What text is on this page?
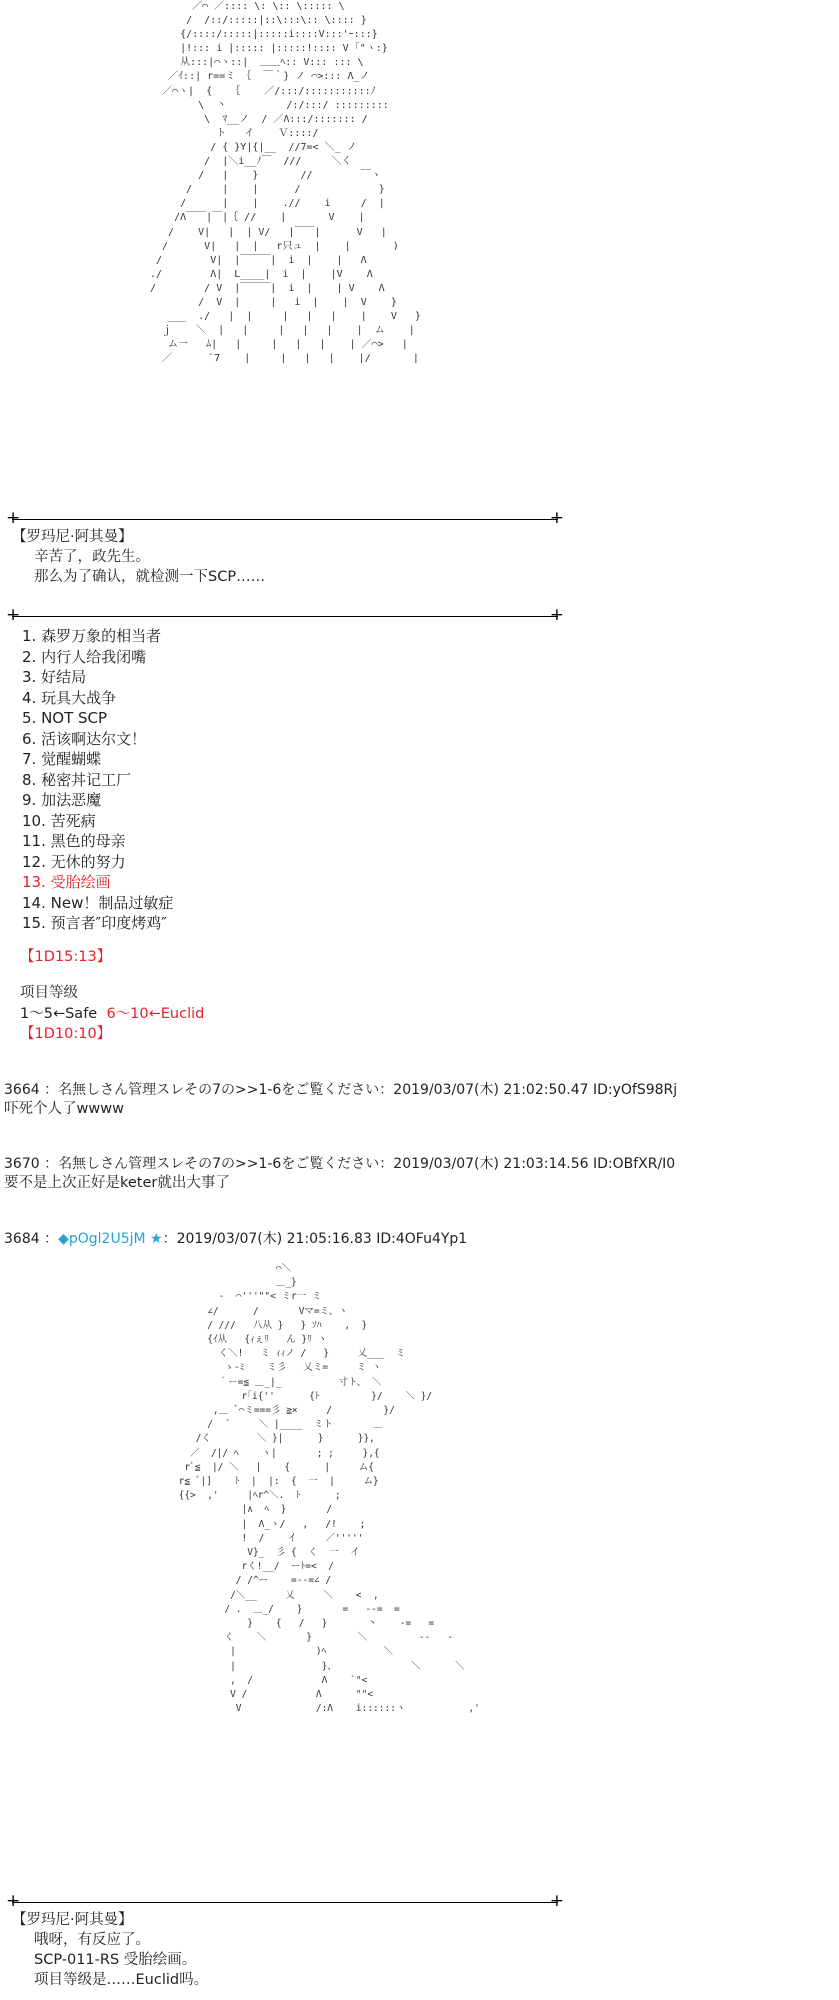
／⌒ ／:::: \: \:: \::::: \
/  /::/:::::|::\:::\:: \:::: }
{/::::/:::::|:::::i::::V:::'ｰ:::}
|!::: i |::::: |:::::!:::: V ｢"ヽ:}
从:::|⌒ヽ::|  ＿＿ﾍ:: V::: ::: \
／ｲ::| r==ミ ｛  ￣｀} ノ ⌒>::: Λ_ノ
／⌒ヽ|  {   ｛    ／/:::/:::::::::::ﾉ
\  丶          /:/:::/ :::::::::
\  ﾏ__ノ  / ／Λ:::/::::::: /
ト   イ    Ｖ::::/
/ { }Y|{|__  //7=< ＼_ ノ
/  |＼i__ﾉ￣  ///     ＼く
/   |    }       //        ￣ヽ
/     |    |      /             }
/      |    |    .//    i     /  |
/Λ￣￣|￣|｛ //    |       V    |
/    V|   |  | V/   |￣￣|      V   |
/      V|   |  |   r只ュ  |    |       )
/        V|  |￣￣￣|  i  |    |   Λ
./        Λ|  L____|  i  |    |V    Λ
/        / V  |￣￣￣|  i  |    | V    Λ
/  V  |     |   i  |    |  V    }
___  ./   |  |     |   |   |    |    V   }
ｊ    ＼  |   |     |   |   |    |  ム    |
ム一   ﾑ|   |     |   |   |    | ／⌒>   |
／      `7    |     |   |   |    |/       |
+	+
【罗玛尼·阿其曼】
辛苦了，政先生。
那么为了确认，就检测一下SCP……
+	+
1. 森罗万象的相当者
2. 内行人给我闭嘴
3. 好结局
4. 玩具大战争
5. NOT SCP
6. 活该啊达尔文！
7. 觉醒蝴蝶
8. 秘密丼记工厂
9. 加法恶魔
10. 苦死病
11. 黑色的母亲
12. 无休的努力
13. 受胎绘画
14. New！制品过敏症
15. 预言者″印度烤鸡″
【1D15:13】
项目等级
1〜5←Safe 6〜10←Euclid
【1D10:10】
3664 ：名無しさん管理スレその7の>>1-6をご覧ください：2019/03/07(木) 21:02:50.47 ID:yOfS98Rj
吓死个人了wwww
3670 ：名無しさん管理スレその7の>>1-6をご覧ください：2019/03/07(木) 21:03:14.56 ID:OBfXR/I0
要不是上次正好是keter就出大事了
3684 ：◆pOgl2U5jM ★：2019/03/07(木) 21:05:16.83 ID:4OFu4Yp1
⌒＼
＿_}
-  ⌒'''""< ミr一 ミ
∠/      /       Vマ=ミ、ヽ
/ ///   八从 }   } ｿﾊ    ,  }
{ｲ从   {ｨぇﾘ   ん }ﾘ ヽ
く＼!   ミ ｨｨノ /   }     乂___  ミ
ゝ-ﾐ    ミ彡   乂ミ=     ミ ヽ
｀ー=≦ ＿_|_          寸ト、 ＼
r｢i{''      {ﾄ         }/    ＼ }/
,＿ ﾞ⌒ミ===彡 ≧×     /         }/
/  ´     ＼ |____  ミト       ＿
/く        ＼ }|      }      }},
／  /|/ ﾍ    ヽ|       ; ;     },{
rﾞ≦  |/ ＼   |    {      |     ム{
r≦ ﾞ|]    ﾄ  |  |:  {  一  |     ム}
{{>  ,'     |ﾍr^＼.  ﾄ      ;
|∧  ﾍ  }       /
|  Λ_ヽ/   ,   /!    ;
!  /    イ     ／'''''
V}_  彡 {  く  一  イ
rく!__/  ーﾄ=<  /
/ /^ー    =--=∠ /
/＼__     乂     ＼    <  ,
/ .  ＿_/    }       =   --=  =
}    {   /   }       丶    -=   =
く    ＼       }        ＼         --   -
|              )ﾍ          ＼
|               }、             ＼      ＼
,  /            Λ    `"<
V /            Λ      ""<
V             /:Λ    i::::::ヽ           ,'
+	+
【罗玛尼·阿其曼】
哦呀，有反应了。
SCP-011-RS 受胎绘画。
项目等级是……Euclid吗。
